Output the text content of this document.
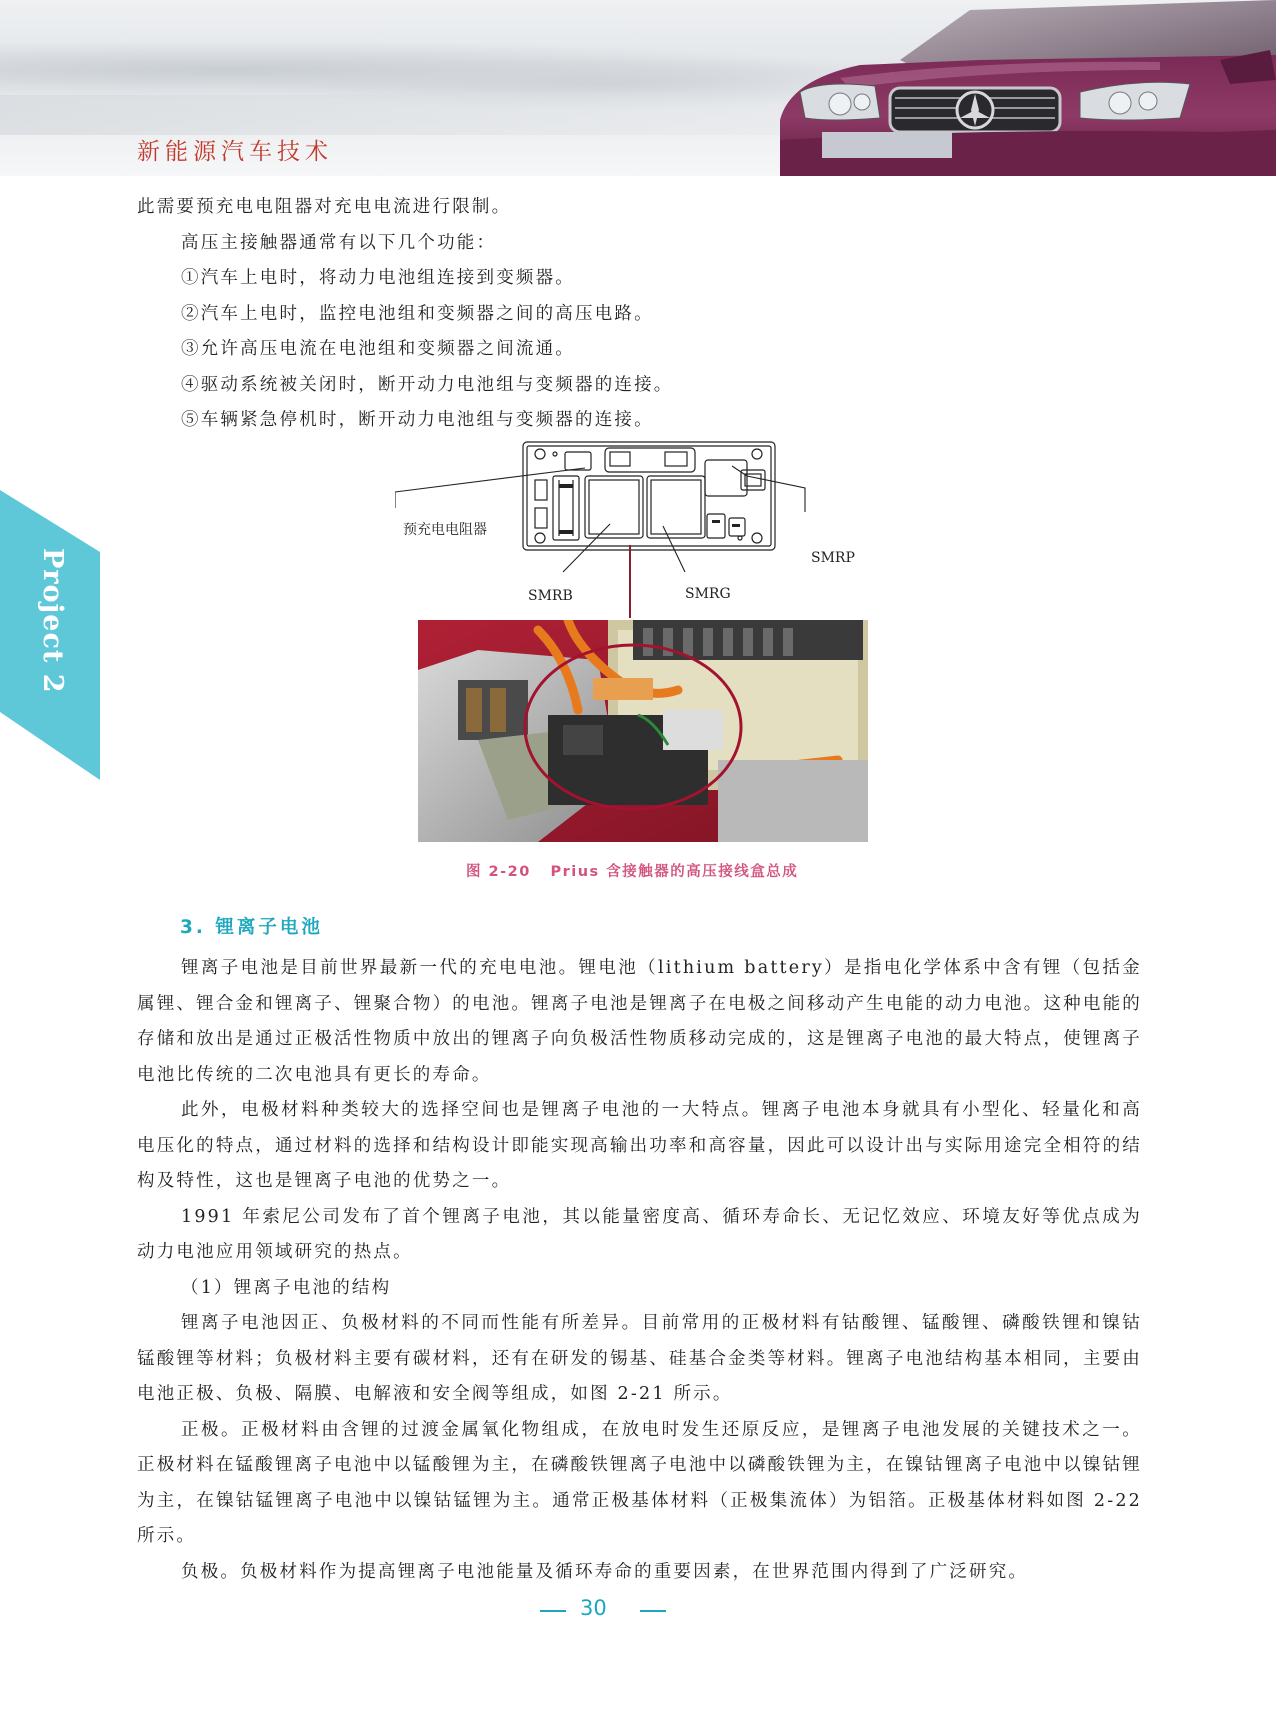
新能源汽车技术
Project 2
此需要预充电电阻器对充电电流进行限制。
高压主接触器通常有以下几个功能：
①汽车上电时，将动力电池组连接到变频器。
②汽车上电时，监控电池组和变频器之间的高压电路。
③允许高压电流在电池组和变频器之间流通。
④驱动系统被关闭时，断开动力电池组与变频器的连接。
⑤车辆紧急停机时，断开动力电池组与变频器的连接。
预充电电阻器
SMRB	SMRG
SMRP
图 2-20   Prius 含接触器的高压接线盒总成
3. 锂离子电池
锂离子电池是目前世界最新一代的充电电池。锂电池（lithium battery）是指电化学体系中含有锂（包括金属锂、锂合金和锂离子、锂聚合物）的电池。锂离子电池是锂离子在电极之间移动产生电能的动力电池。这种电能的存储和放出是通过正极活性物质中放出的锂离子向负极活性物质移动完成的，这是锂离子电池的最大特点，使锂离子电池比传统的二次电池具有更长的寿命。
此外，电极材料种类较大的选择空间也是锂离子电池的一大特点。锂离子电池本身就具有小型化、轻量化和高电压化的特点，通过材料的选择和结构设计即能实现高输出功率和高容量，因此可以设计出与实际用途完全相符的结构及特性，这也是锂离子电池的优势之一。
1991 年索尼公司发布了首个锂离子电池，其以能量密度高、循环寿命长、无记忆效应、环境友好等优点成为动力电池应用领域研究的热点。
（1）锂离子电池的结构
锂离子电池因正、负极材料的不同而性能有所差异。目前常用的正极材料有钴酸锂、锰酸锂、磷酸铁锂和镍钴锰酸锂等材料；负极材料主要有碳材料，还有在研发的锡基、硅基合金类等材料。锂离子电池结构基本相同，主要由电池正极、负极、隔膜、电解液和安全阀等组成，如图 2-21 所示。
正极。正极材料由含锂的过渡金属氧化物组成，在放电时发生还原反应，是锂离子电池发展的关键技术之一。正极材料在锰酸锂离子电池中以锰酸锂为主，在磷酸铁锂离子电池中以磷酸铁锂为主，在镍钴锂离子电池中以镍钴锂为主，在镍钴锰锂离子电池中以镍钴锰锂为主。通常正极基体材料（正极集流体）为铝箔。正极基体材料如图 2-22 所示。
负极。负极材料作为提高锂离子电池能量及循环寿命的重要因素，在世界范围内得到了广泛研究。
30
